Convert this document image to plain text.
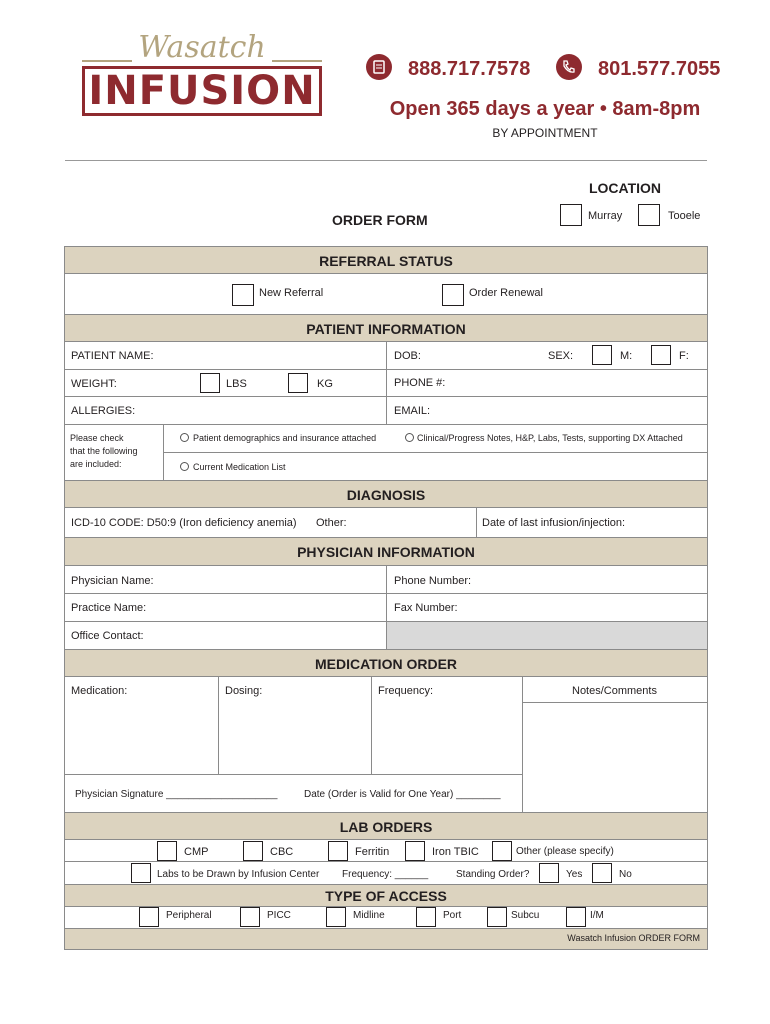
Wasatch
INFUSION	888.717.7578	801.577.7055
Open 365 days a year • 8am-8pm
BY APPOINTMENT
LOCATION
Murray	Tooele
ORDER FORM
REFERRAL STATUS
New Referral	Order Renewal
PATIENT INFORMATION
PATIENT NAME:	DOB:	SEX:	M:	F:
WEIGHT:	LBS	KG	PHONE #:
ALLERGIES:	EMAIL:
Please check
that the following
are included:
Patient demographics and insurance attached	Clinical/Progress Notes, H&P, Labs, Tests, supporting DX Attached
Current Medication List
DIAGNOSIS
ICD-10 CODE: D50:9 (Iron deficiency anemia) Other:	Date of last infusion/injection:
PHYSICIAN INFORMATION
Physician Name:	Phone Number:
Practice Name:	Fax Number:
Office Contact:
MEDICATION ORDER
Medication:	Dosing:	Frequency:	Notes/Comments
Physician Signature ____________________	Date (Order is Valid for One Year) ________
LAB ORDERS
CMP	CBC	Ferritin	Iron TBIC	Other (please specify)
Labs to be Drawn by Infusion Center Frequency: ______	Standing Order?	Yes	No
TYPE OF ACCESS
Peripheral	PICC	Midline	Port	Subcu	I/M
Wasatch Infusion ORDER FORM
